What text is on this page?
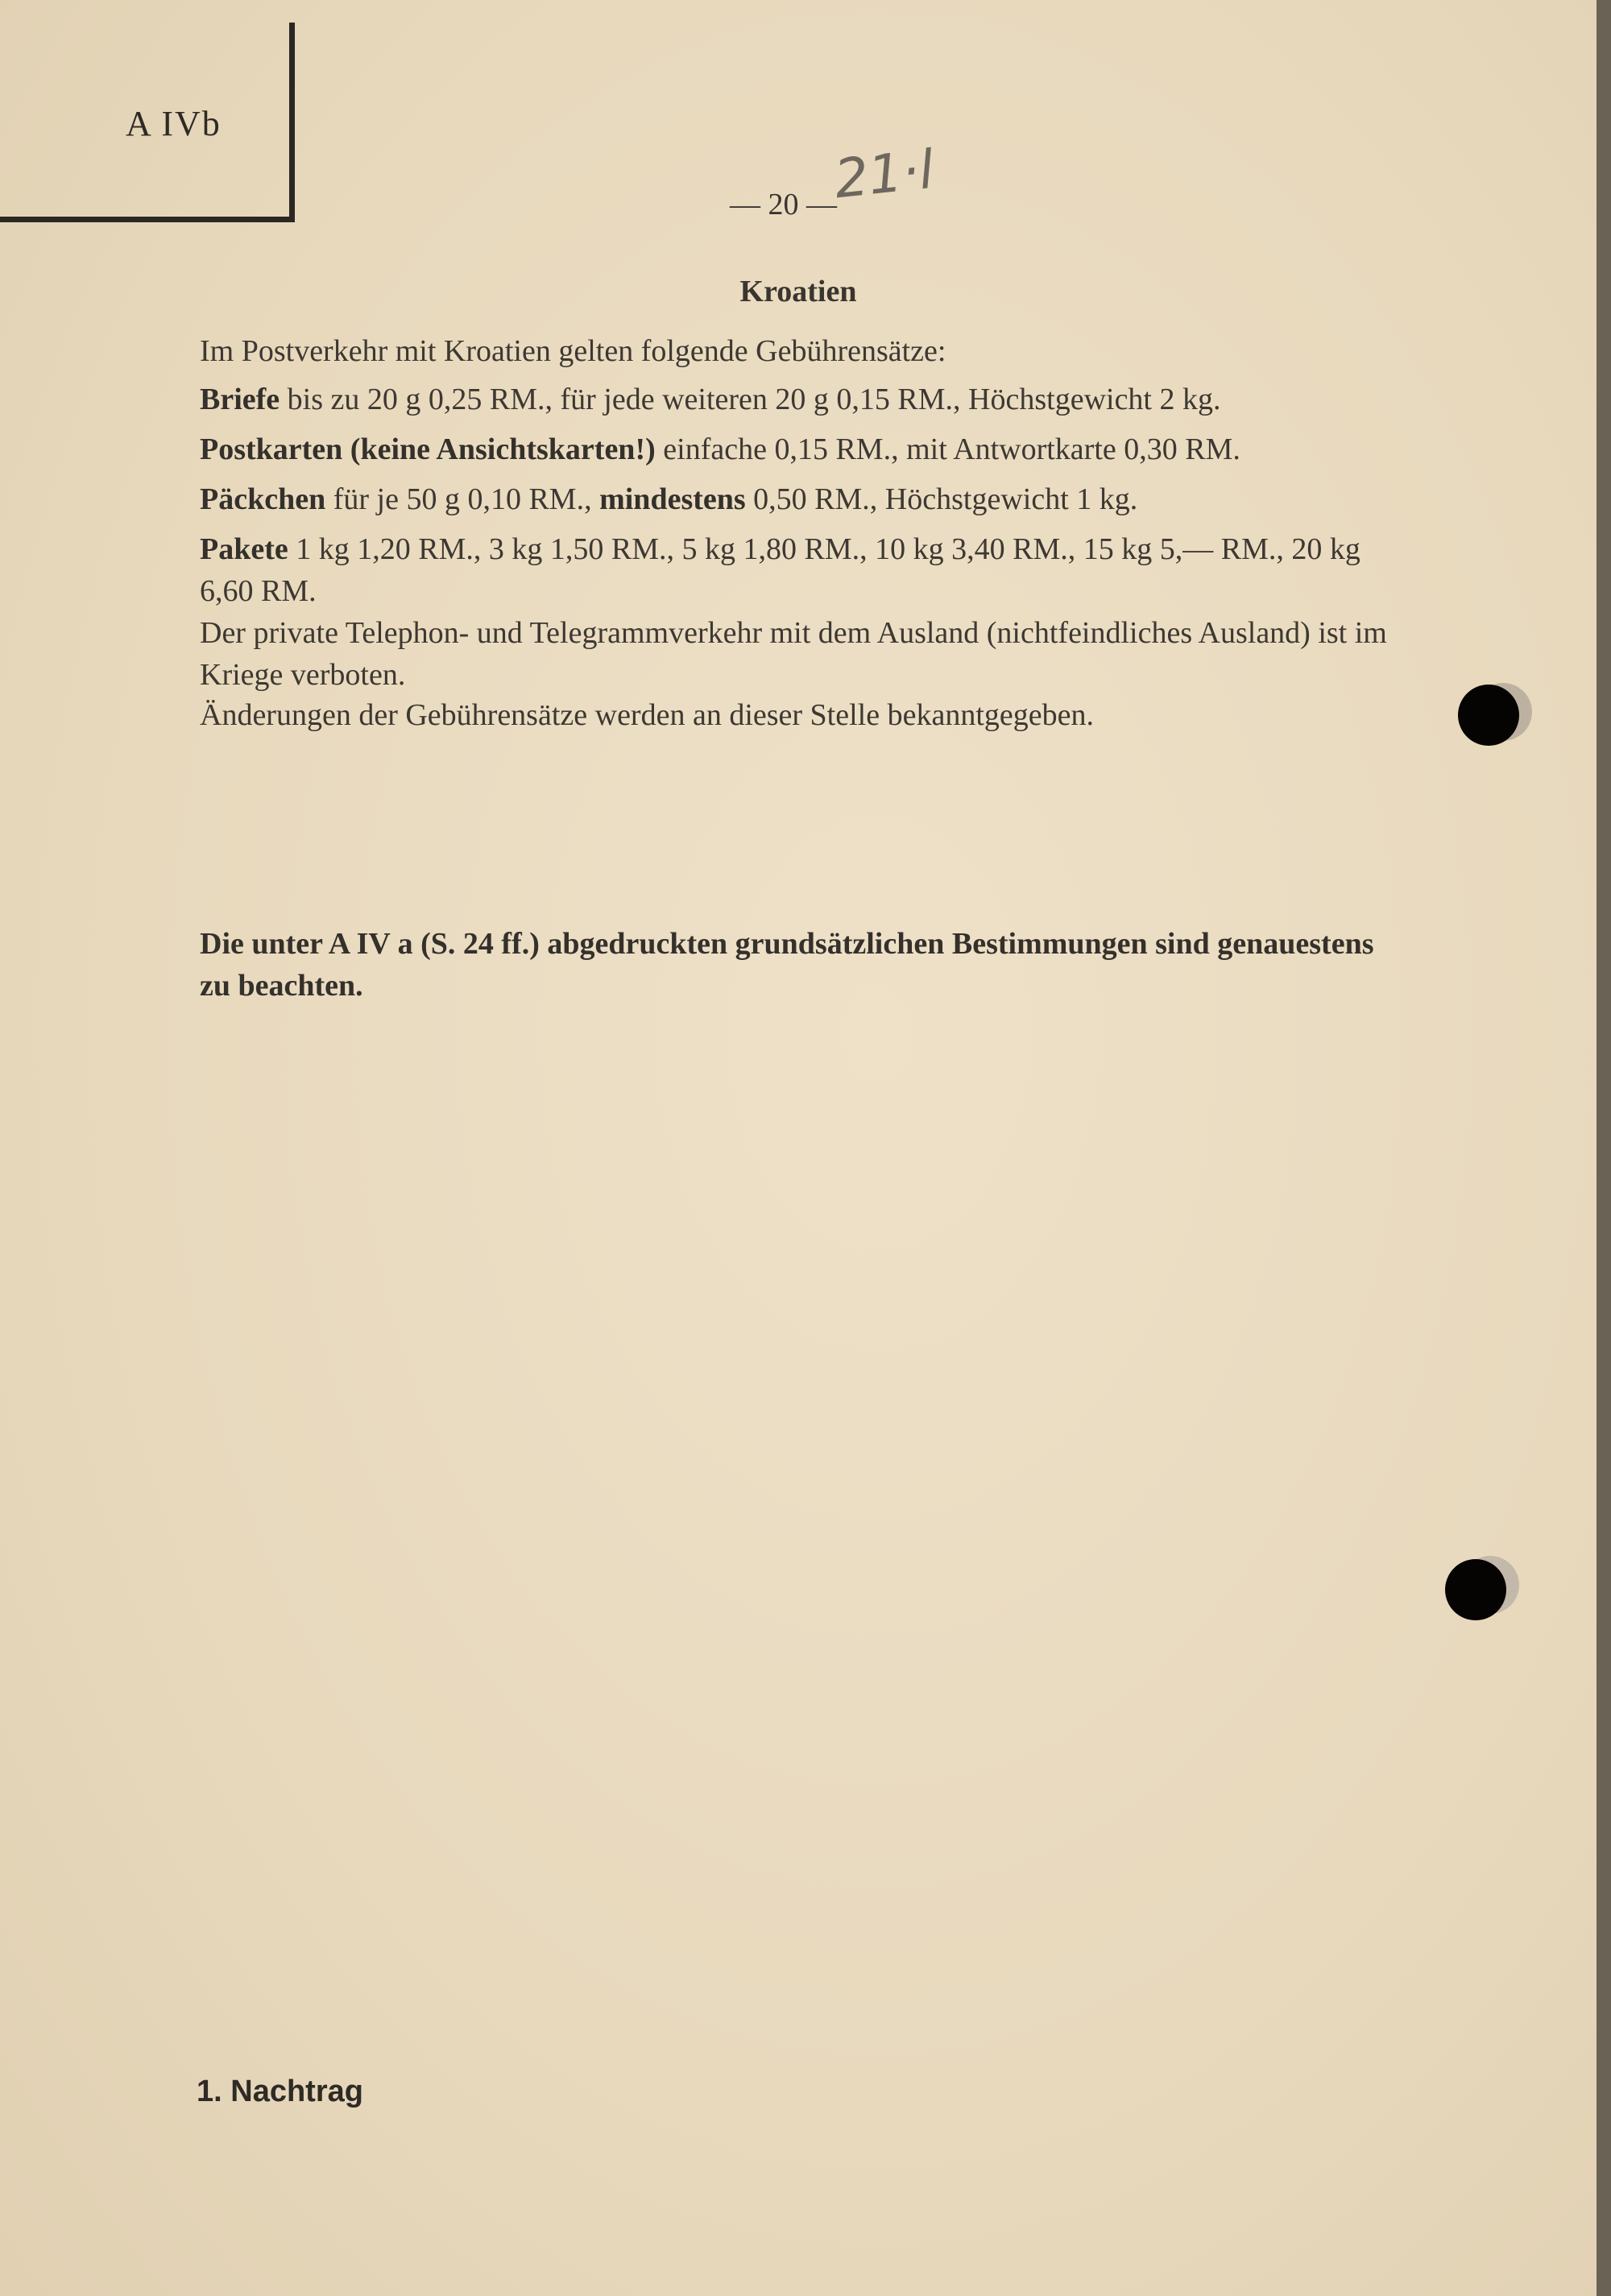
A IVb
— 20 —
21·l
Kroatien

Im Postverkehr mit Kroatien gelten folgende Gebührensätze:

Briefe bis zu 20 g 0,25 RM., für jede weiteren 20 g 0,15 RM., Höchstgewicht 2 kg.

Postkarten (keine Ansichtskarten!) einfache 0,15 RM., mit Antwortkarte 0,30 RM.

Päckchen für je 50 g 0,10 RM., mindestens 0,50 RM., Höchstgewicht 1 kg.

Pakete 1 kg 1,20 RM., 3 kg 1,50 RM., 5 kg 1,80 RM., 10 kg 3,40 RM., 15 kg 5,— RM., 20 kg 6,60 RM.

Der private Telephon- und Telegrammverkehr mit dem Ausland (nichtfeindliches Ausland) ist im Kriege verboten.

Änderungen der Gebührensätze werden an dieser Stelle bekanntgegeben.

Die unter A IV a (S. 24 ff.) abgedruckten grundsätzlichen Bestimmungen sind genauestens zu beachten.

1. Nachtrag
